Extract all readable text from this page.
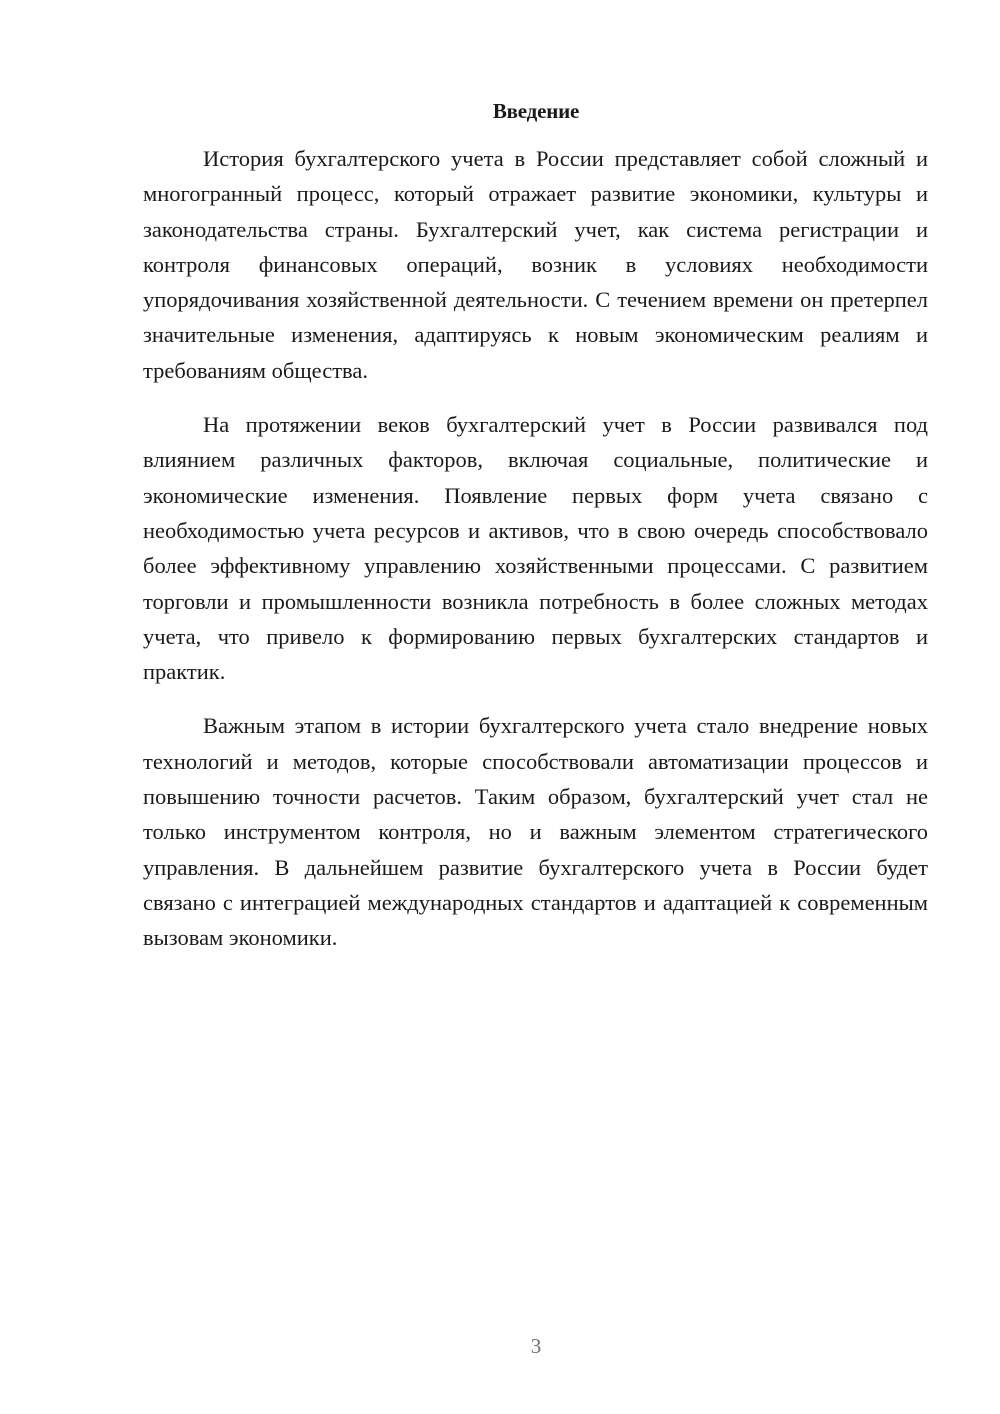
Введение

История бухгалтерского учета в России представляет собой сложный и многогранный процесс, который отражает развитие экономики, культуры и законодательства страны. Бухгалтерский учет, как система регистрации и контроля финансовых операций, возник в условиях необходимости упорядочивания хозяйственной деятельности. С течением времени он претерпел значительные изменения, адаптируясь к новым экономическим реалиям и требованиям общества.

На протяжении веков бухгалтерский учет в России развивался под влиянием различных факторов, включая социальные, политические и экономические изменения. Появление первых форм учета связано с необходимостью учета ресурсов и активов, что в свою очередь способствовало более эффективному управлению хозяйственными процессами. С развитием торговли и промышленности возникла потребность в более сложных методах учета, что привело к формированию первых бухгалтерских стандартов и практик.

Важным этапом в истории бухгалтерского учета стало внедрение новых технологий и методов, которые способствовали автоматизации процессов и повышению точности расчетов. Таким образом, бухгалтерский учет стал не только инструментом контроля, но и важным элементом стратегического управления. В дальнейшем развитие бухгалтерского учета в России будет связано с интеграцией международных стандартов и адаптацией к современным вызовам экономики.

3
